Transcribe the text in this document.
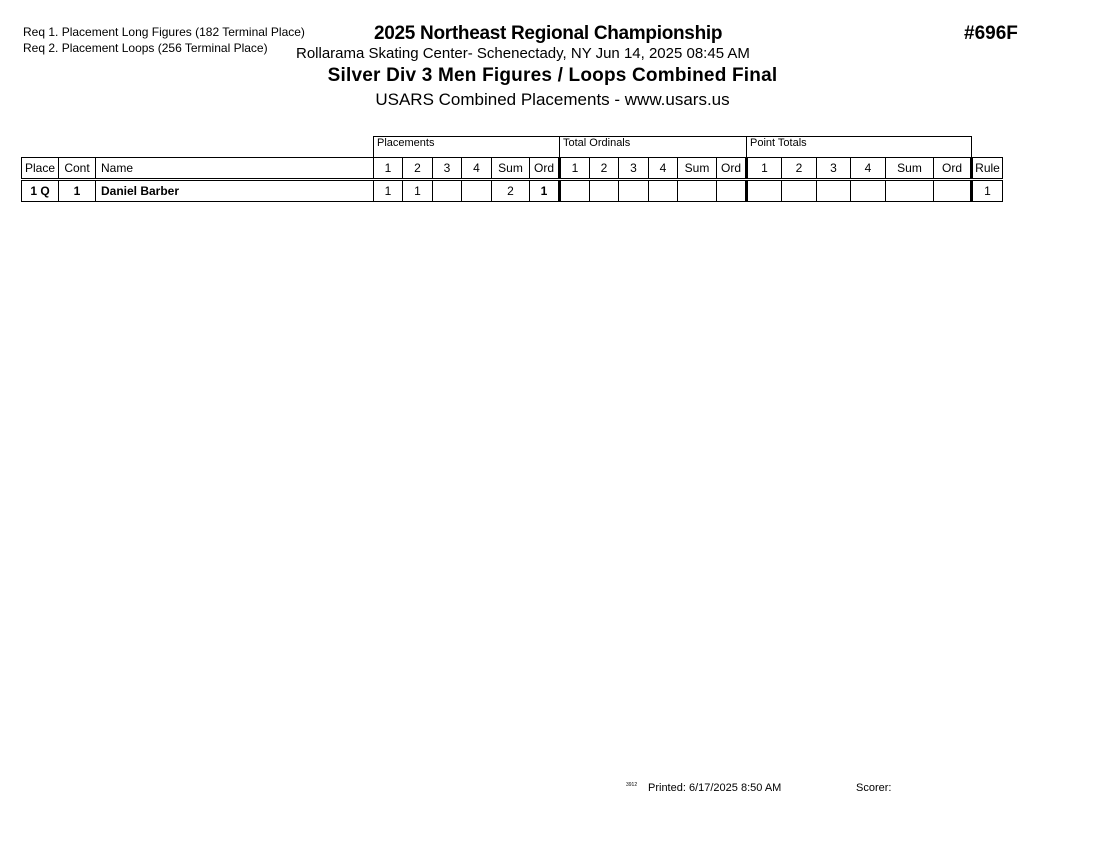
Req 1. Placement Long Figures (182 Terminal Place)
Req 2. Placement Loops (256 Terminal Place)
2025 Northeast Regional Championship	#696F
Rollarama Skating Center- Schenectady, NY Jun 14, 2025 08:45 AM
Silver Div 3 Men Figures / Loops Combined Final
USARS Combined Placements - www.usars.us
			Placements						Total Ordinals						Point Totals						
Place	Cont	Name	1	2	3	4	Sum	Ord	1	2	3	4	Sum	Ord	1	2	3	4	Sum	Ord	Rule
1 Q	1	Daniel Barber	1	1			2	1													1
3912 Printed: 6/17/2025 8:50 AM	Scorer:
